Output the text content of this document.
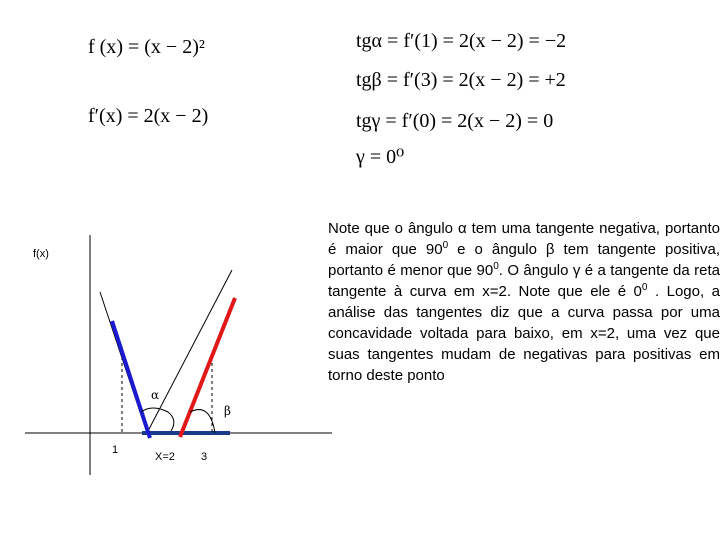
f (x) = (x − 2)²
f′(x) = 2(x − 2)
tgα = f′(1) = 2(x − 2) = −2
tgβ = f′(3) = 2(x − 2) = +2
tgγ = f′(0) = 2(x − 2) = 0
γ = 0⁰
Note que o ângulo α tem uma tangente negativa, portanto é maior que $90^0$ e o ângulo β tem tangente positiva, portanto é menor que $90^0$. O ângulo γ é a tangente da reta tangente à curva em x=2. Note que ele é $0^0$ . Logo, a análise das tangentes diz que a curva passa por uma concavidade voltada para baixo, em x=2, uma vez que suas tangentes mudam de negativas para positivas em torno deste ponto
f(x)
α
β
1
X=2 3
